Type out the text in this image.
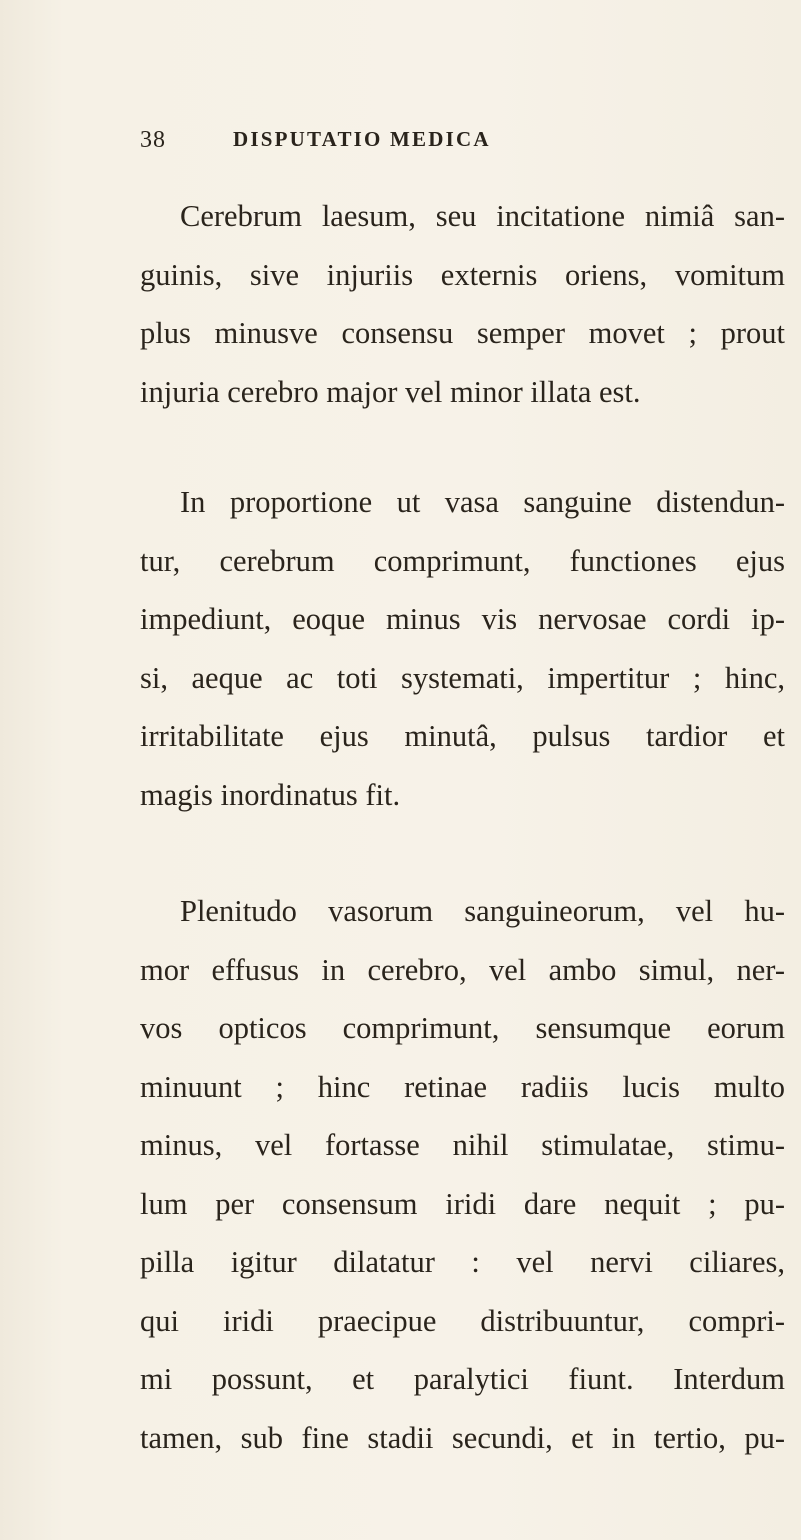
38	DISPUTATIO MEDICA

Cerebrum laesum, seu incitatione nimiâ san-
guinis, sive injuriis externis oriens, vomitum
plus minusve consensu semper movet ; prout
injuria cerebro major vel minor illata est.

In proportione ut vasa sanguine distendun-
tur, cerebrum comprimunt, functiones ejus
impediunt, eoque minus vis nervosae cordi ip-
si, aeque ac toti systemati, impertitur ; hinc,
irritabilitate ejus minutâ, pulsus tardior et
magis inordinatus fit.

Plenitudo vasorum sanguineorum, vel hu-
mor effusus in cerebro, vel ambo simul, ner-
vos opticos comprimunt, sensumque eorum
minuunt ; hinc retinae radiis lucis multo
minus, vel fortasse nihil stimulatae, stimu-
lum per consensum iridi dare nequit ; pu-
pilla igitur dilatatur : vel nervi ciliares,
qui iridi praecipue distribuuntur, compri-
mi possunt, et paralytici fiunt. Interdum
tamen, sub fine stadii secundi, et in tertio, pu-
